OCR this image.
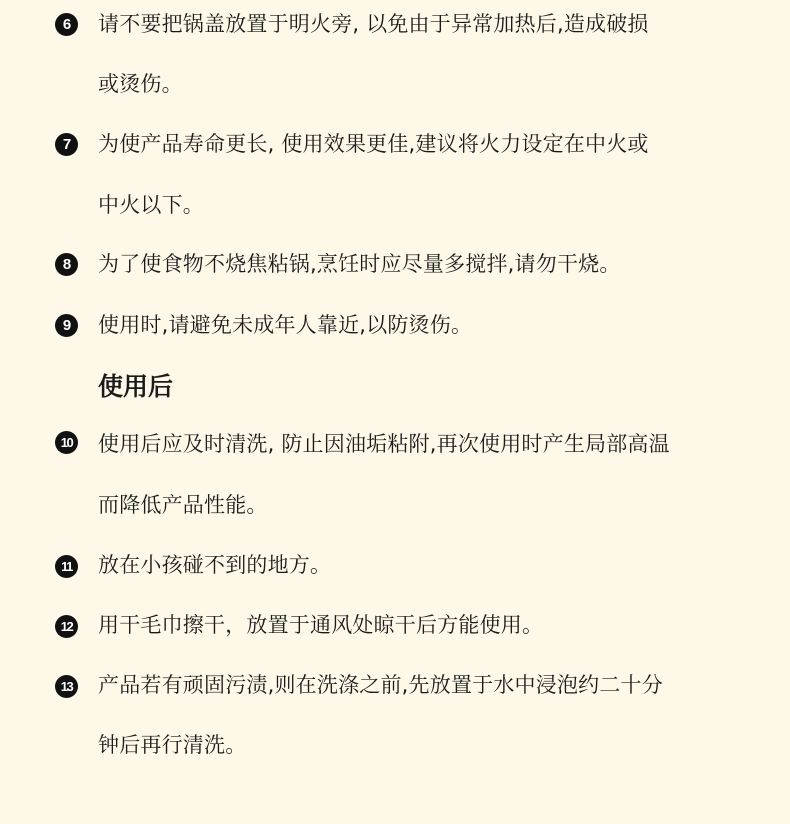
6	请不要把锅盖放置于明火旁, 以免由于异常加热后,造成破损
或烫伤。
7	为使产品寿命更长, 使用效果更佳,建议将火力设定在中火或
中火以下。
8	为了使食物不烧焦粘锅,烹饪时应尽量多搅拌,请勿干烧。
9	使用时,请避免未成年人靠近,以防烫伤。
使用后
10 使用后应及时清洗, 防止因油垢粘附,再次使用时产生局部高温
而降低产品性能。
11 放在小孩碰不到的地方。
12 用干毛巾擦干，放置于通风处晾干后方能使用。
13 产品若有顽固污渍,则在洗涤之前,先放置于水中浸泡约二十分
钟后再行清洗。
